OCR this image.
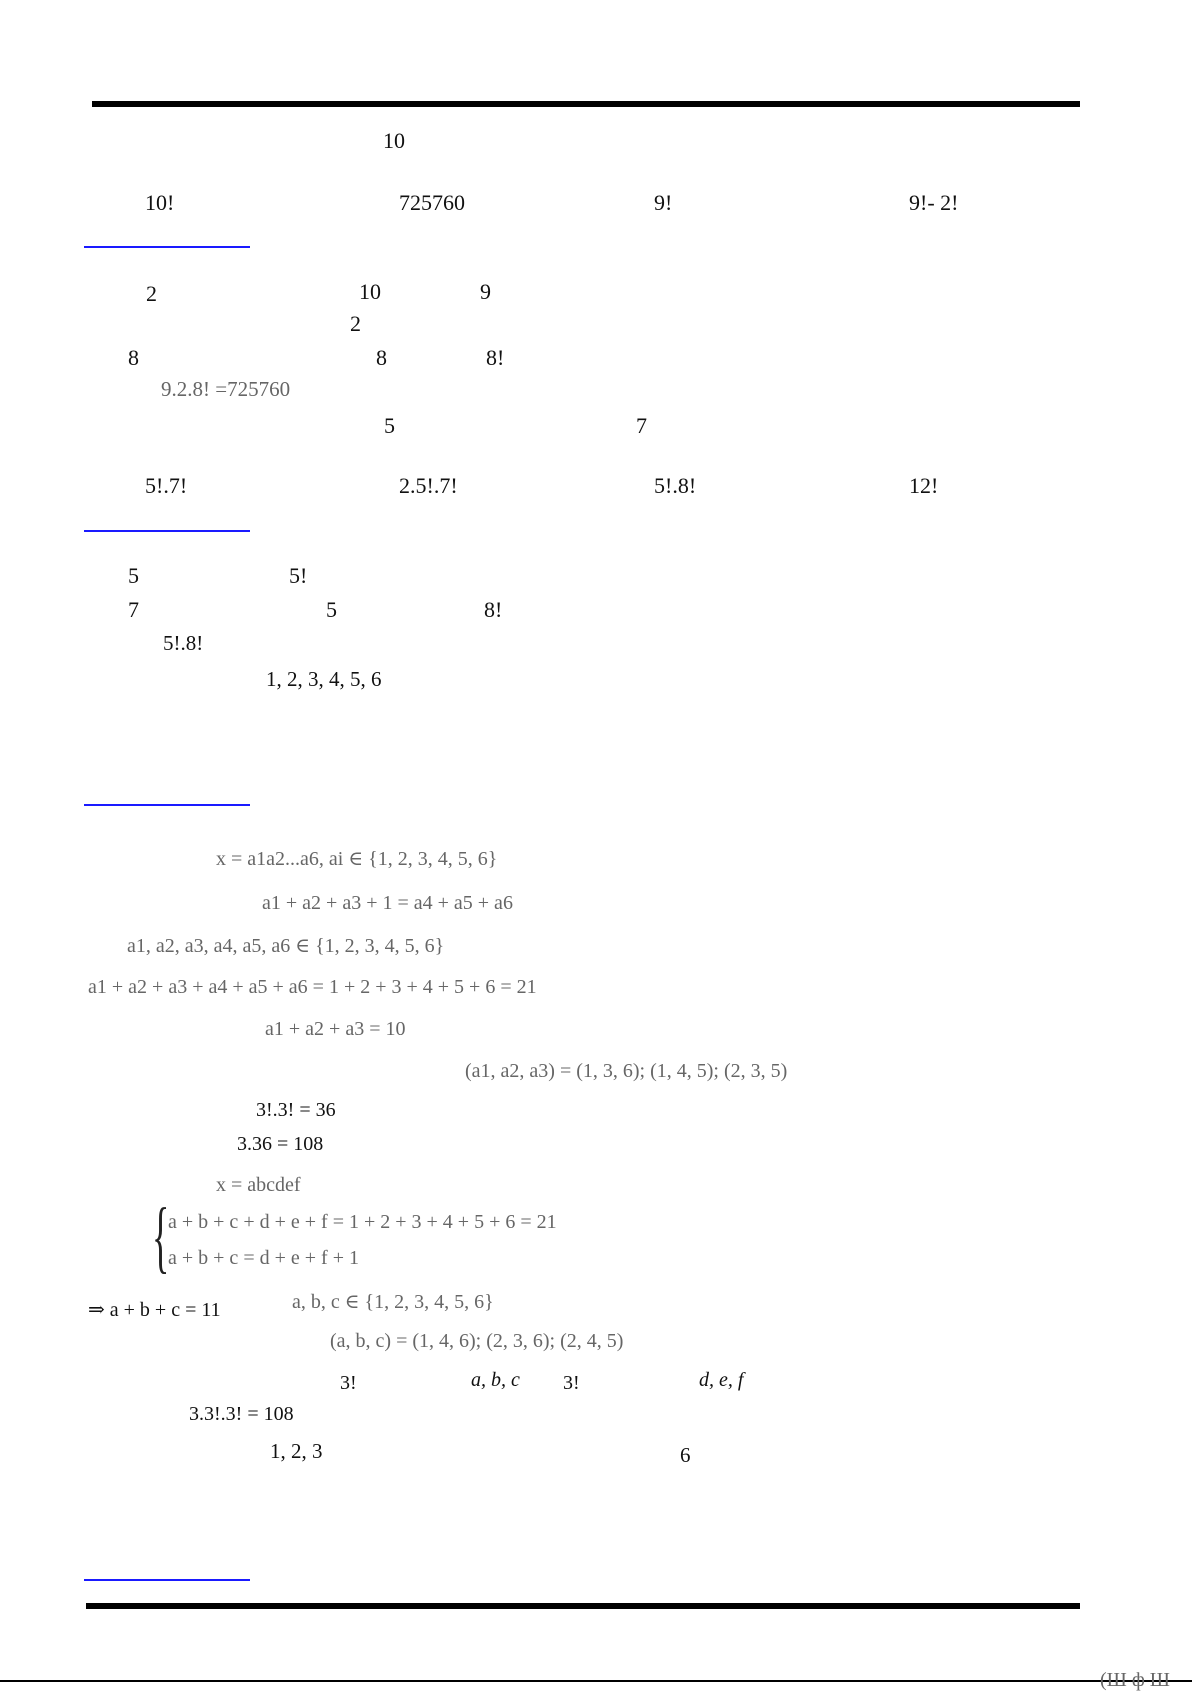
(Ш ф Ш
10
10!	725760	9!	9!- 2!
2	10	9
2
8	8	8!
9.2.8! =725760
5	7
5!.7!	2.5!.7!	5!.8!	12!
5	5!
7	5	8!
5!.8!
1, 2, 3, 4, 5, 6
x = a1a2...a6, ai ∈ {1, 2, 3, 4, 5, 6}
a1 + a2 + a3 + 1 = a4 + a5 + a6
a1, a2, a3, a4, a5, a6 ∈ {1, 2, 3, 4, 5, 6}
a1 + a2 + a3 + a4 + a5 + a6 = 1 + 2 + 3 + 4 + 5 + 6 = 21
a1 + a2 + a3 = 10
(a1, a2, a3) = (1, 3, 6); (1, 4, 5); (2, 3, 5)
3!.3! = 36
3.36 = 108
x = abcdef
{
a + b + c + d + e + f = 1 + 2 + 3 + 4 + 5 + 6 = 21
a + b + c = d + e + f + 1
⇒ a + b + c = 11	a, b, c ∈ {1, 2, 3, 4, 5, 6}
(a, b, c) = (1, 4, 6); (2, 3, 6); (2, 4, 5)
3!	a, b, c 3!	d, e, f
3.3!.3! = 108
1, 2, 3	6
